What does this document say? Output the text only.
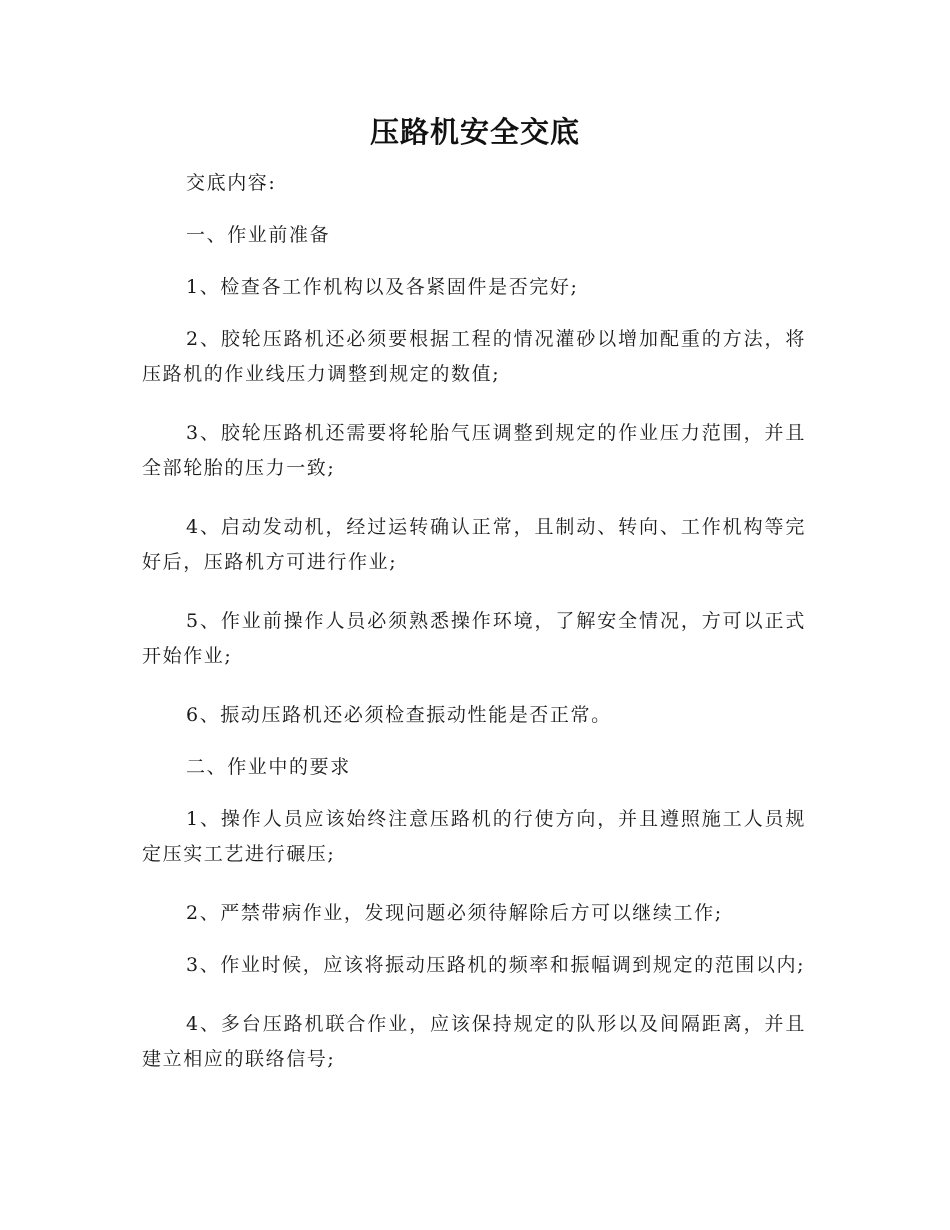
压路机安全交底

交底内容:

一、作业前准备

1、检查各工作机构以及各紧固件是否完好;

2、胶轮压路机还必须要根据工程的情况灌砂以增加配重的方法，将压路机的作业线压力调整到规定的数值;

3、胶轮压路机还需要将轮胎气压调整到规定的作业压力范围，并且全部轮胎的压力一致;

4、启动发动机，经过运转确认正常，且制动、转向、工作机构等完好后，压路机方可进行作业;

5、作业前操作人员必须熟悉操作环境，了解安全情况，方可以正式开始作业;

6、振动压路机还必须检查振动性能是否正常。

二、作业中的要求

1、操作人员应该始终注意压路机的行使方向，并且遵照施工人员规定压实工艺进行碾压;

2、严禁带病作业，发现问题必须待解除后方可以继续工作;

3、作业时候，应该将振动压路机的频率和振幅调到规定的范围以内;

4、多台压路机联合作业，应该保持规定的队形以及间隔距离，并且建立相应的联络信号;
